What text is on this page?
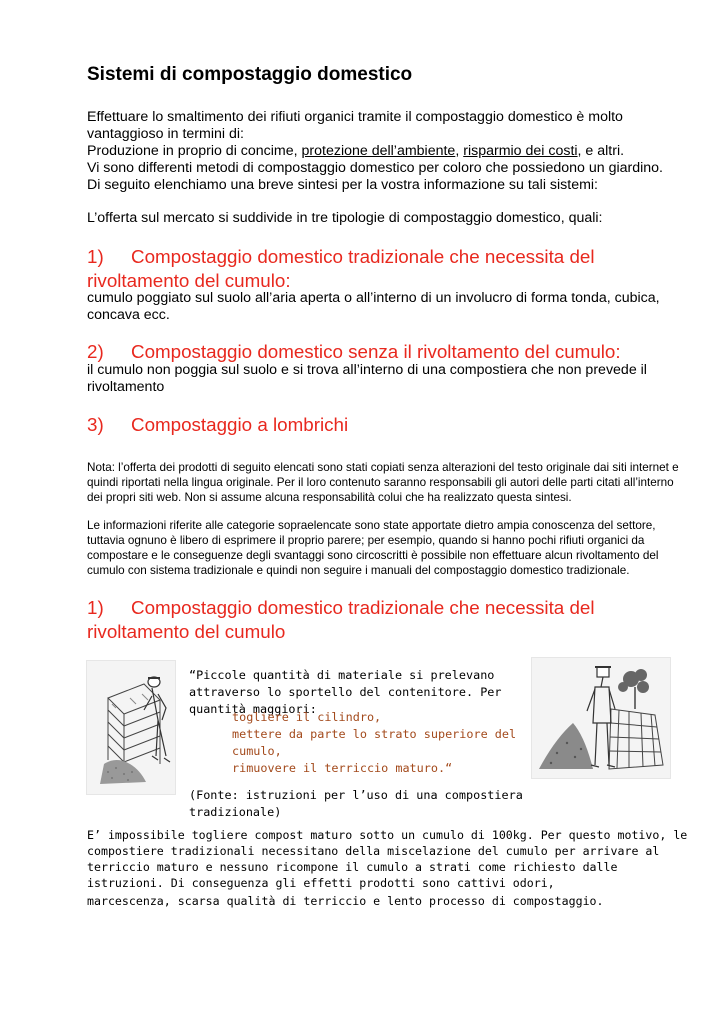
Sistemi di compostaggio domestico

Effettuare lo smaltimento dei rifiuti organici tramite il compostaggio domestico è molto vantaggioso in termini di:

Produzione in proprio di concime, protezione dell’ambiente, risparmio dei costi, e altri.

Vi sono differenti metodi di compostaggio domestico per coloro che possiedono un giardino. Di seguito elenchiamo una breve sintesi per la vostra informazione su tali sistemi:

L’offerta sul mercato si suddivide in tre tipologie di compostaggio domestico, quali:
1) Compostaggio domestico tradizionale che necessita del rivoltamento del cumulo:
cumulo poggiato sul suolo all’aria aperta o all’interno di un involucro di forma tonda, cubica, concava ecc.
2) Compostaggio domestico senza il rivoltamento del cumulo:
il cumulo non poggia sul suolo e si trova all’interno di una compostiera che non prevede il rivoltamento
3) Compostaggio a lombrichi
Nota: l’offerta dei prodotti di seguito elencati sono stati copiati senza alterazioni del testo originale dai siti internet e quindi riportati nella lingua originale. Per il loro contenuto saranno responsabili gli autori delle parti citati all’interno dei propri siti web. Non si assume alcuna responsabilità colui che ha realizzato questa sintesi.
Le informazioni riferite alle categorie sopraelencate sono state apportate dietro ampia conoscenza del settore, tuttavia ognuno è libero di esprimere il proprio parere; per esempio, quando si hanno pochi rifiuti organici da compostare e le conseguenze degli svantaggi sono circoscritti è possibile non effettuare alcun rivoltamento del cumulo con sistema tradizionale e quindi non seguire i manuali del compostaggio domestico tradizionale.
1) Compostaggio domestico tradizionale che necessita del rivoltamento del cumulo
“Piccole quantità di materiale si prelevano attraverso lo sportello del contenitore. Per quantità maggiori:

togliere il cilindro,

mettere da parte lo strato superiore del cumulo,

rimuovere il terriccio maturo.“

(Fonte: istruzioni per l’uso di una compostiera tradizionale)

E’ impossibile togliere compost maturo sotto un cumulo di 100kg. Per questo motivo, le compostiere tradizionali necessitano della miscelazione del cumulo per arrivare al terriccio maturo e nessuno ricompone il cumulo a strati come richiesto dalle istruzioni. Di conseguenza gli effetti prodotti sono cattivi odori,

marcescenza, scarsa qualità di terriccio e lento processo di compostaggio.
